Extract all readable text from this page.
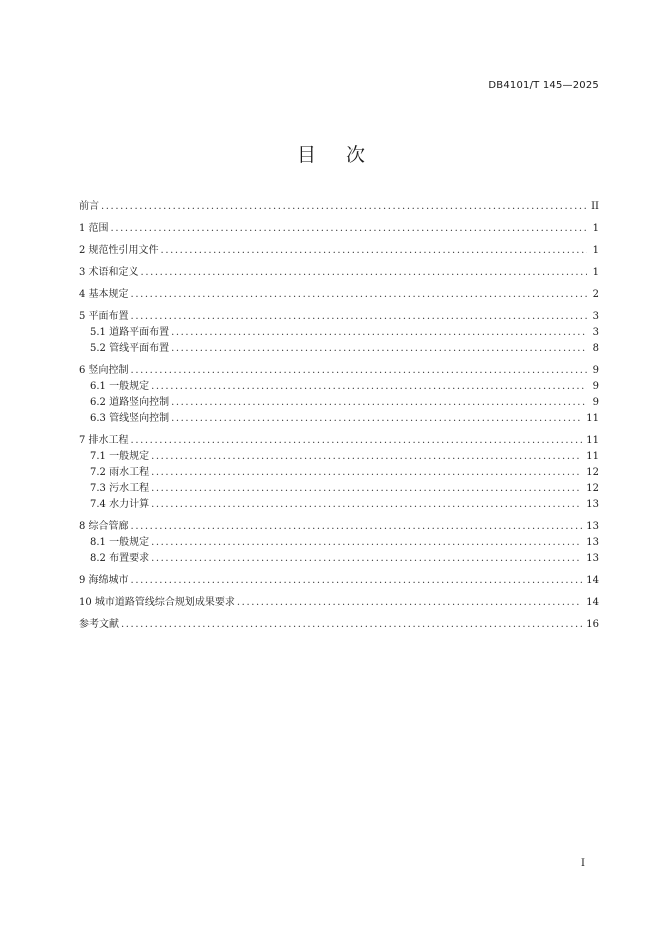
DB4101/T 145—2025
目次
前言 .....	II
1 范围 .....	1
2 规范性引用文件 .....	1
3 术语和定义 .....	1
4 基本规定 .....	2
5 平面布置 .....	3
5.1 道路平面布置 .....	3
5.2 管线平面布置 .....	8
6 竖向控制 .....	9
6.1 一般规定 .....	9
6.2 道路竖向控制 .....	9
6.3 管线竖向控制 .....	11
7 排水工程 .....	11
7.1 一般规定 .....	11
7.2 雨水工程 .....	12
7.3 污水工程 .....	12
7.4 水力计算 .....	13
8 综合管廊 .....	13
8.1 一般规定 .....	13
8.2 布置要求 .....	13
9 海绵城市 .....	14
10 城市道路管线综合规划成果要求 .....	14
参考文献 .....	16
I
